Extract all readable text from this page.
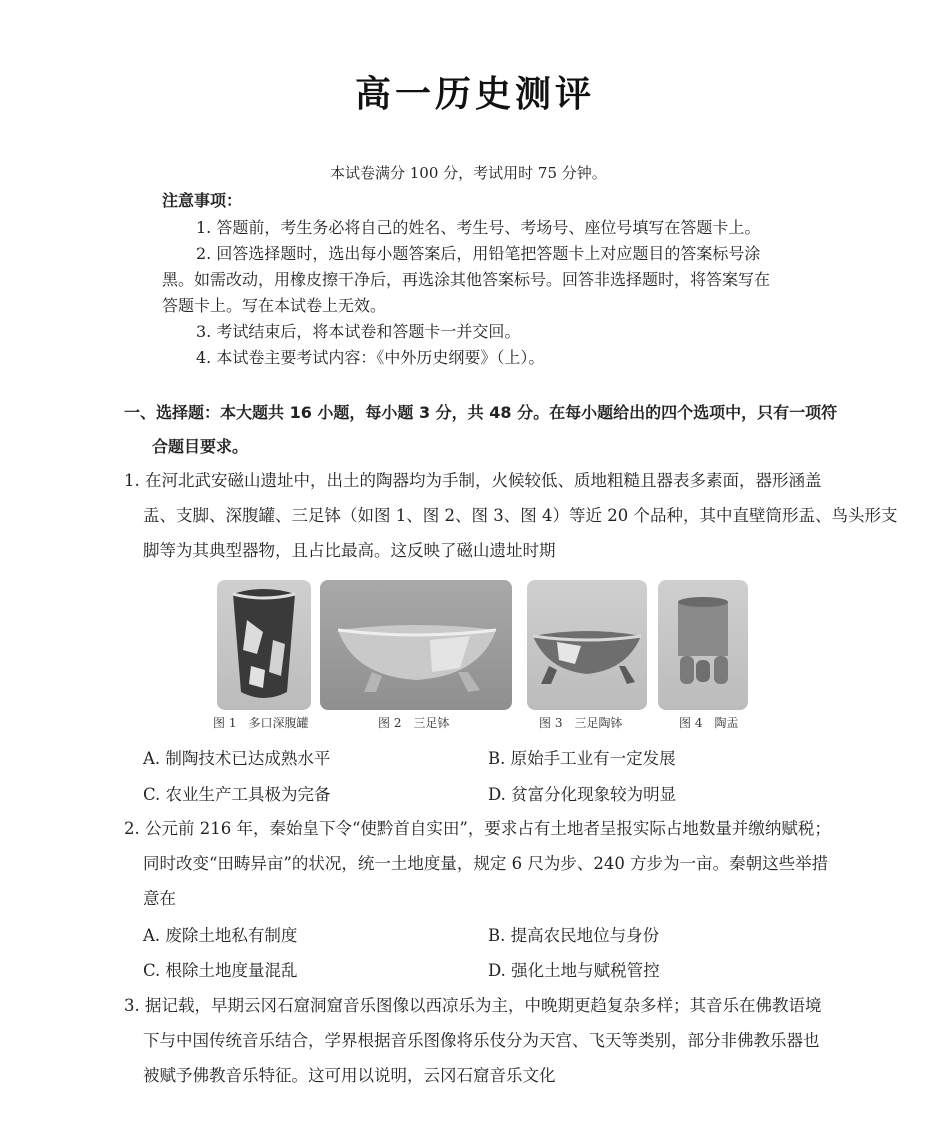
高一历史测评
本试卷满分 100 分，考试用时 75 分钟。
注意事项：
1. 答题前，考生务必将自己的姓名、考生号、考场号、座位号填写在答题卡上。
2. 回答选择题时，选出每小题答案后，用铅笔把答题卡上对应题目的答案标号涂
黑。如需改动，用橡皮擦干净后，再选涂其他答案标号。回答非选择题时，将答案写在
答题卡上。写在本试卷上无效。
3. 考试结束后，将本试卷和答题卡一并交回。
4. 本试卷主要考试内容：《中外历史纲要》（上）。
一、选择题：本大题共 16 小题，每小题 3 分，共 48 分。在每小题给出的四个选项中，只有一项符
合题目要求。
1. 在河北武安磁山遗址中，出土的陶器均为手制，火候较低、质地粗糙且器表多素面，器形涵盖
盂、支脚、深腹罐、三足钵（如图 1、图 2、图 3、图 4）等近 20 个品种，其中直壁筒形盂、鸟头形支
脚等为其典型器物，且占比最高。这反映了磁山遗址时期
图 1　多口深腹罐	图 2　三足钵	图 3　三足陶钵	图 4　陶盂
A. 制陶技术已达成熟水平	B. 原始手工业有一定发展
C. 农业生产工具极为完备	D. 贫富分化现象较为明显
2. 公元前 216 年，秦始皇下令“使黔首自实田”，要求占有土地者呈报实际占地数量并缴纳赋税；
同时改变“田畴异亩”的状况，统一土地度量，规定 6 尺为步、240 方步为一亩。秦朝这些举措
意在
A. 废除土地私有制度	B. 提高农民地位与身份
C. 根除土地度量混乱	D. 强化土地与赋税管控
3. 据记载，早期云冈石窟洞窟音乐图像以西凉乐为主，中晚期更趋复杂多样；其音乐在佛教语境
下与中国传统音乐结合，学界根据音乐图像将乐伎分为天宫、飞天等类别，部分非佛教乐器也
被赋予佛教音乐特征。这可用以说明，云冈石窟音乐文化
